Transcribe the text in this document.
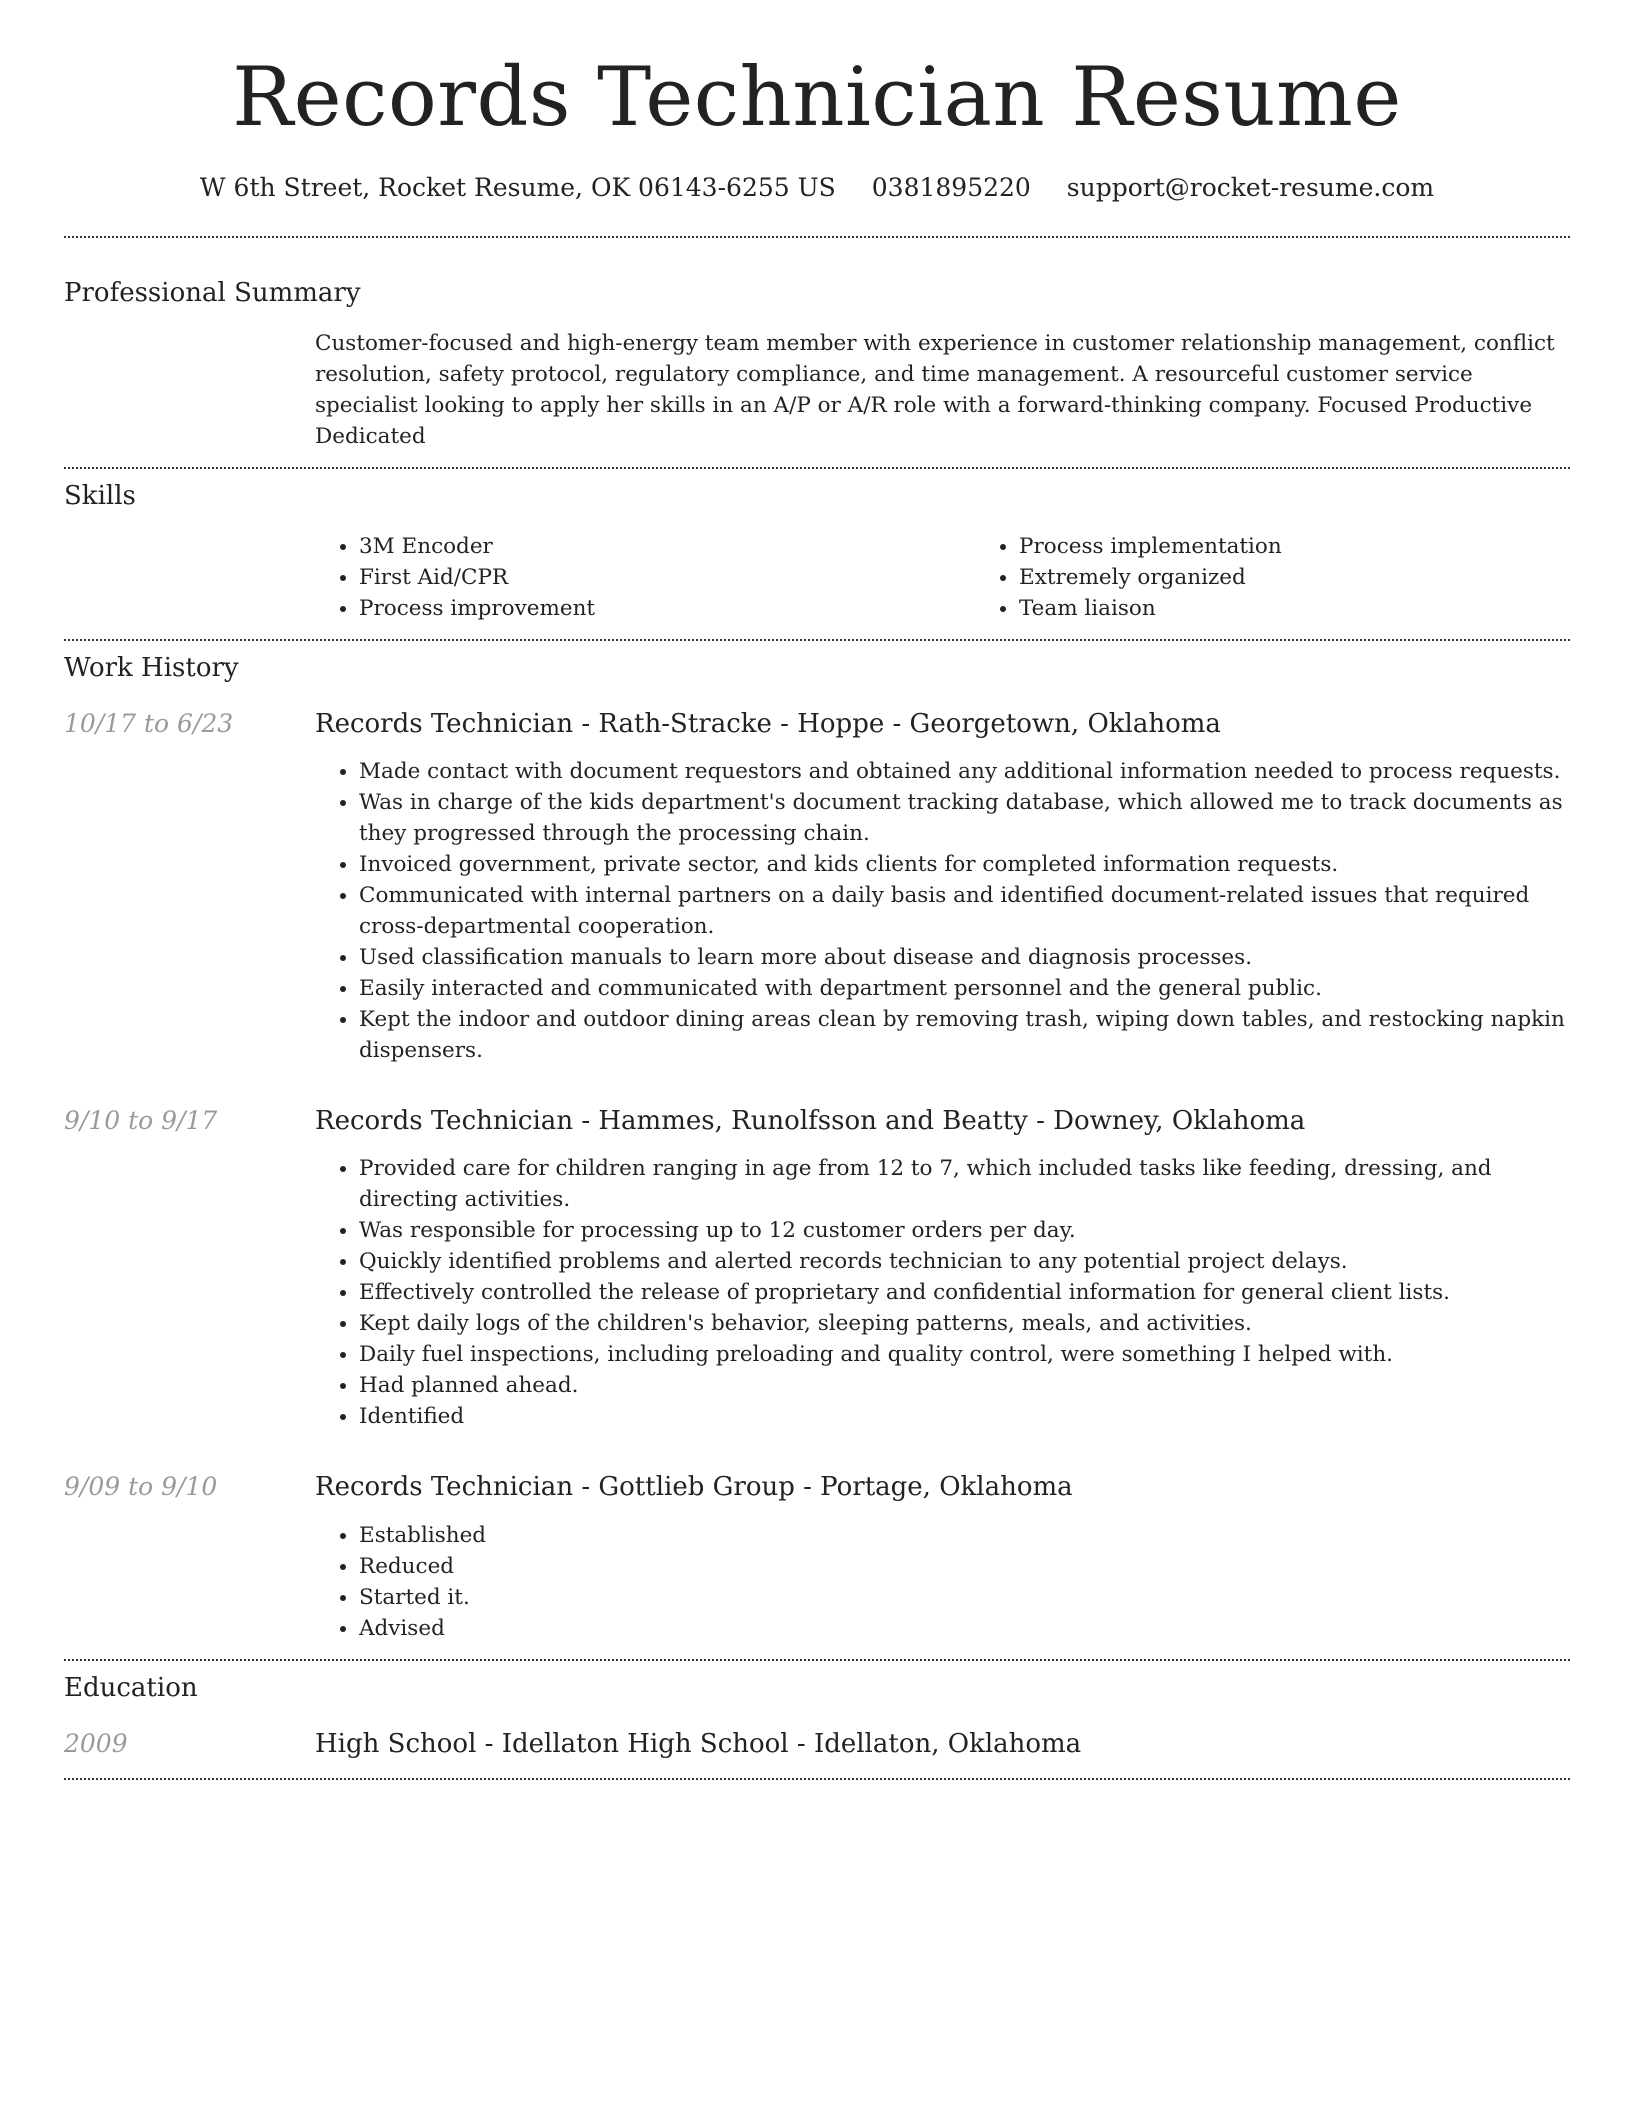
Records Technician Resume
W 6th Street, Rocket Resume, OK 06143-6255 US 0381895220 support@rocket-resume.com
Professional Summary

Customer-focused and high-energy team member with experience in customer relationship management, conflict resolution, safety protocol, regulatory compliance, and time management. A resourceful customer service specialist looking to apply her skills in an A/P or A/R role with a forward-thinking company. Focused Productive Dedicated

Skills
• 3M Encoder
• First Aid/CPR
• Process improvement
• Process implementation
• Extremely organized
• Team liaison
Work History
10/17 to 6/23	Records Technician - Rath-Stracke - Hoppe - Georgetown, Oklahoma
• Made contact with document requestors and obtained any additional information needed to process requests.
• Was in charge of the kids department's document tracking database, which allowed me to track documents as they progressed through the processing chain.
• Invoiced government, private sector, and kids clients for completed information requests.
• Communicated with internal partners on a daily basis and identified document-related issues that required cross-departmental cooperation.
• Used classification manuals to learn more about disease and diagnosis processes.
• Easily interacted and communicated with department personnel and the general public.
• Kept the indoor and outdoor dining areas clean by removing trash, wiping down tables, and restocking napkin dispensers.
9/10 to 9/17	Records Technician - Hammes, Runolfsson and Beatty - Downey, Oklahoma
• Provided care for children ranging in age from 12 to 7, which included tasks like feeding, dressing, and directing activities.
• Was responsible for processing up to 12 customer orders per day.
• Quickly identified problems and alerted records technician to any potential project delays.
• Effectively controlled the release of proprietary and confidential information for general client lists.
• Kept daily logs of the children's behavior, sleeping patterns, meals, and activities.
• Daily fuel inspections, including preloading and quality control, were something I helped with.
• Had planned ahead.
• Identified
9/09 to 9/10	Records Technician - Gottlieb Group - Portage, Oklahoma
• Established
• Reduced
• Started it.
• Advised
Education
2009	High School - Idellaton High School - Idellaton, Oklahoma
